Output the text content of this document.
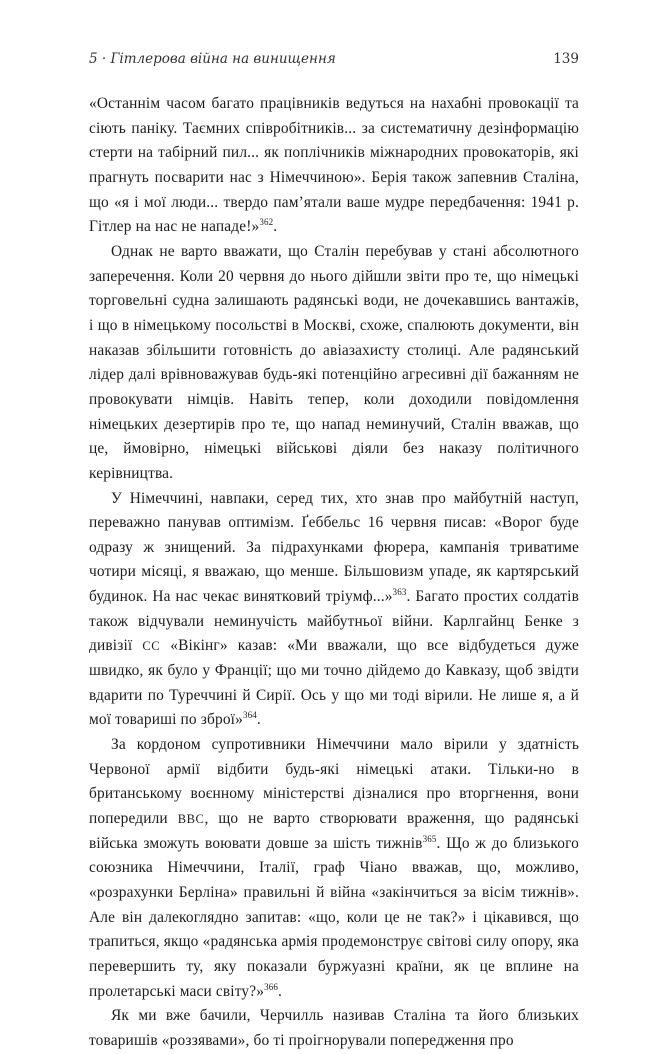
5 · Гітлерова війна на винищення	139

«Останнім часом багато працівників ведуться на нахабні провокації та сіють паніку. Таємних співробітників... за систематичну дезінформацію стерти на табірний пил... як поплічників міжнародних провокаторів, які прагнуть посварити нас з Німеччиною». Берія також запевнив Сталіна, що «я і мої люди... твердо пам’ятали ваше мудре передбачення: 1941 р. Гітлер на нас не нападе!»$^{362}$.

Однак не варто вважати, що Сталін перебував у стані абсолютного заперечення. Коли 20 червня до нього дійшли звіти про те, що німецькі торговельні судна залишають радянські води, не дочекавшись вантажів, і що в німецькому посольстві в Москві, схоже, спалюють документи, він наказав збільшити готовність до авіазахисту столиці. Але радянський лідер далі врівноважував будь-які потенційно агресивні дії бажанням не провокувати німців. Навіть тепер, коли доходили повідомлення німецьких дезертирів про те, що напад неминучий, Сталін вважав, що це, ймовірно, німецькі військові діяли без наказу політичного керівництва.

У Німеччині, навпаки, серед тих, хто знав про майбутній наступ, переважно панував оптимізм. Ґеббельс 16 червня писав: «Ворог буде одразу ж знищений. За підрахунками фюрера, кампанія триватиме чотири місяці, я вважаю, що менше. Більшовизм упаде, як картярський будинок. На нас чекає винятковий тріумф...»$^{363}$. Багато простих солдатів також відчували неминучість майбутньої війни. Карлгайнц Бенке з дивізії СС «Вікінг» казав: «Ми вважали, що все відбудеться дуже швидко, як було у Франції; що ми точно дійдемо до Кавказу, щоб звідти вдарити по Туреччині й Сирії. Ось у що ми тоді вірили. Не лише я, а й мої товариші по зброї»$^{364}$.

За кордоном супротивники Німеччини мало вірили у здатність Червоної армії відбити будь-які німецькі атаки. Тільки-но в британському воєнному міністерстві дізналися про вторгнення, вони попередили BBC, що не варто створювати враження, що радянські війська зможуть воювати довше за шість тижнів$^{365}$. Що ж до близького союзника Німеччини, Італії, граф Чіано вважав, що, можливо, «розрахунки Берліна» правильні й війна «закінчиться за вісім тижнів». Але він далекоглядно запитав: «що, коли це не так?» і цікавився, що трапиться, якщо «радянська армія продемонструє світові силу опору, яка перевершить ту, яку показали буржуазні країни, як це вплине на пролетарські маси світу?»$^{366}$.

Як ми вже бачили, Черчилль називав Сталіна та його близьких товаришів «роззявами», бо ті проігнорували попередження про
